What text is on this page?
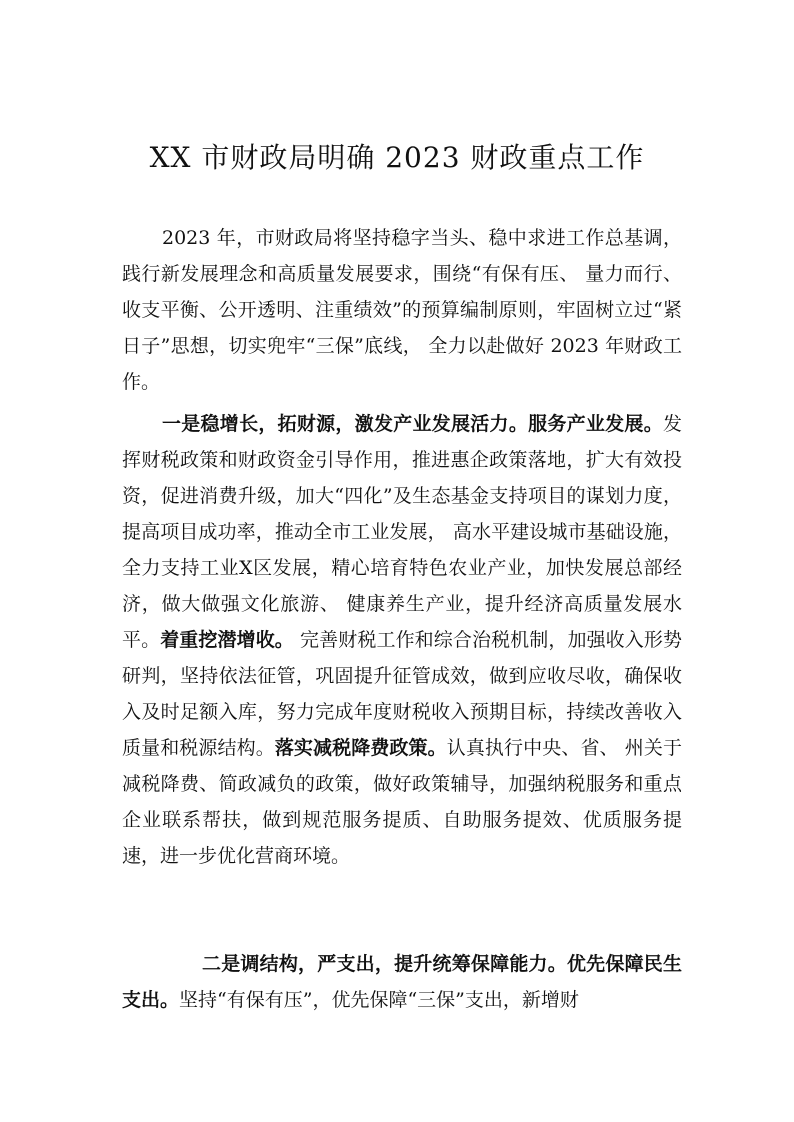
XX 市财政局明确 2023 财政重点工作
2023 年，市财政局将坚持稳字当头、稳中求进工作总基调，践行新发展理念和高质量发展要求，围绕“有保有压、 量力而行、收支平衡、公开透明、注重绩效”的预算编制原则，牢固树立过“紧日子”思想，切实兜牢“三保”底线， 全力以赴做好 2023 年财政工作。
一是稳增长，拓财源，激发产业发展活力。服务产业发展。发挥财税政策和财政资金引导作用，推进惠企政策落地，扩大有效投资，促进消费升级，加大“四化”及生态基金支持项目的谋划力度，提高项目成功率，推动全市工业发展， 高水平建设城市基础设施，全力支持工业X区发展，精心培育特色农业产业，加快发展总部经济，做大做强文化旅游、 健康养生产业，提升经济高质量发展水平。着重挖潜增收。 完善财税工作和综合治税机制，加强收入形势研判，坚持依法征管，巩固提升征管成效，做到应收尽收，确保收入及时足额入库，努力完成年度财税收入预期目标，持续改善收入质量和税源结构。落实减税降费政策。认真执行中央、省、 州关于减税降费、简政减负的政策，做好政策辅导，加强纳税服务和重点企业联系帮扶，做到规范服务提质、自助服务提效、优质服务提速，进一步优化营商环境。
二是调结构，严支出，提升统筹保障能力。优先保障民生支出。坚持“有保有压”，优先保障“三保”支出，新增财
